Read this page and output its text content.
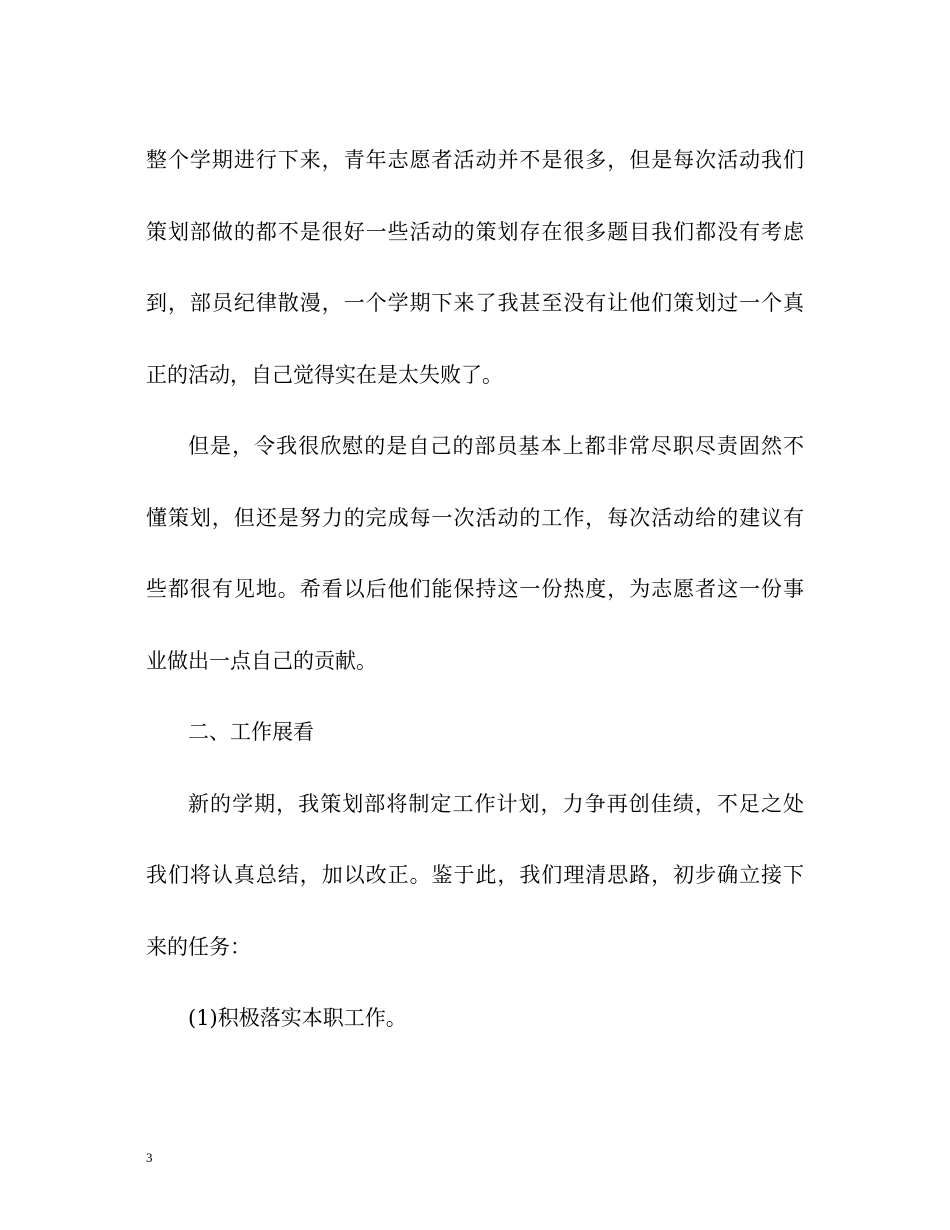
整个学期进行下来，青年志愿者活动并不是很多，但是每次活动我们
策划部做的都不是很好一些活动的策划存在很多题目我们都没有考虑
到，部员纪律散漫，一个学期下来了我甚至没有让他们策划过一个真
正的活动，自己觉得实在是太失败了。
但是，令我很欣慰的是自己的部员基本上都非常尽职尽责固然不
懂策划，但还是努力的完成每一次活动的工作，每次活动给的建议有
些都很有见地。希看以后他们能保持这一份热度，为志愿者这一份事
业做出一点自己的贡献。
二、工作展看
新的学期，我策划部将制定工作计划，力争再创佳绩，不足之处
我们将认真总结，加以改正。鉴于此，我们理清思路，初步确立接下
来的任务：
(1)积极落实本职工作。
3
